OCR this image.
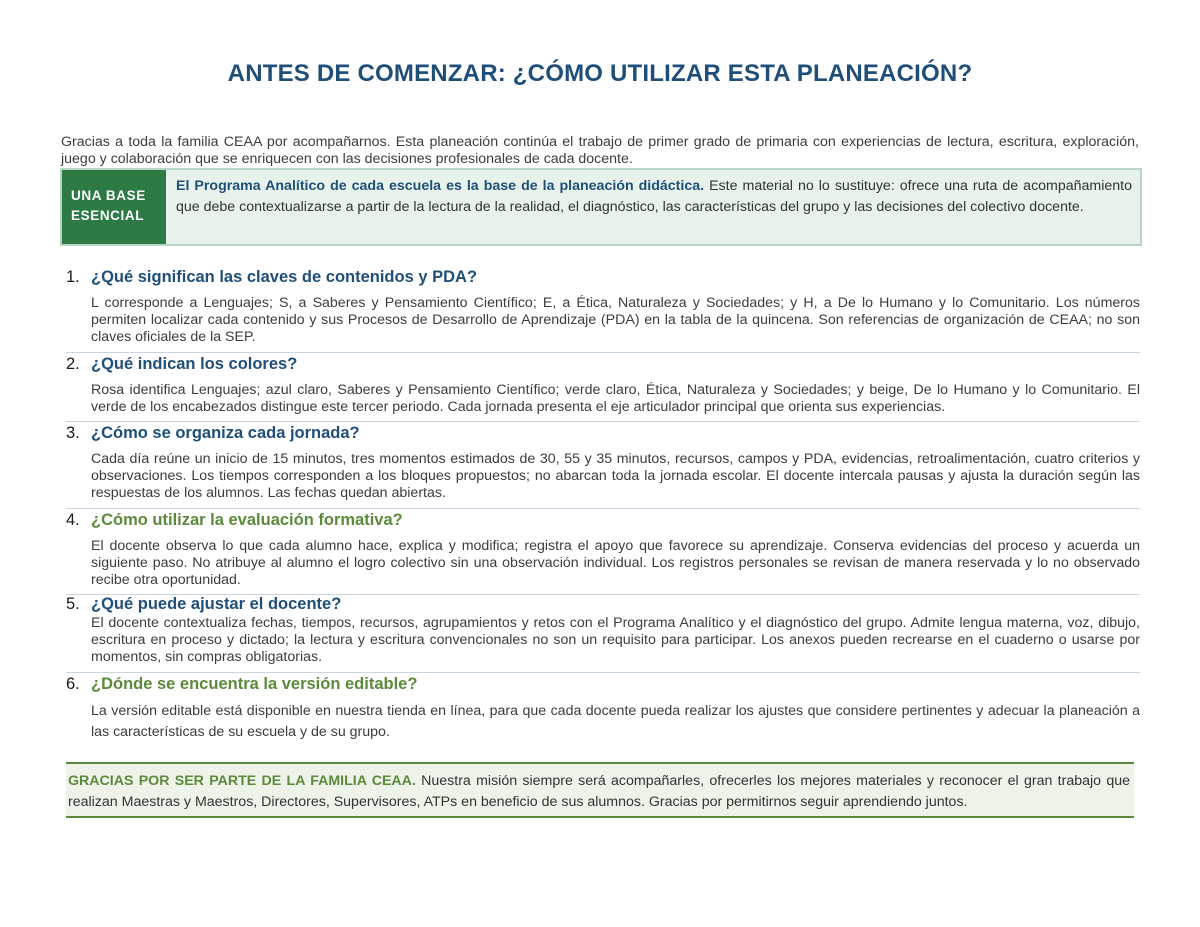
ANTES DE COMENZAR: ¿CÓMO UTILIZAR ESTA PLANEACIÓN?
Gracias a toda la familia CEAA por acompañarnos. Esta planeación continúa el trabajo de primer grado de primaria con experiencias de lectura, escritura, exploración, juego y colaboración que se enriquecen con las decisiones profesionales de cada docente.
UNA BASE ESENCIAL
El Programa Analítico de cada escuela es la base de la planeación didáctica. Este material no lo sustituye: ofrece una ruta de acompañamiento que debe contextualizarse a partir de la lectura de la realidad, el diagnóstico, las características del grupo y las decisiones del colectivo docente.
1. ¿Qué significan las claves de contenidos y PDA?
L corresponde a Lenguajes; S, a Saberes y Pensamiento Científico; E, a Ética, Naturaleza y Sociedades; y H, a De lo Humano y lo Comunitario. Los números permiten localizar cada contenido y sus Procesos de Desarrollo de Aprendizaje (PDA) en la tabla de la quincena. Son referencias de organización de CEAA; no son claves oficiales de la SEP.
2. ¿Qué indican los colores?
Rosa identifica Lenguajes; azul claro, Saberes y Pensamiento Científico; verde claro, Ética, Naturaleza y Sociedades; y beige, De lo Humano y lo Comunitario. El verde de los encabezados distingue este tercer periodo. Cada jornada presenta el eje articulador principal que orienta sus experiencias.
3. ¿Cómo se organiza cada jornada?
Cada día reúne un inicio de 15 minutos, tres momentos estimados de 30, 55 y 35 minutos, recursos, campos y PDA, evidencias, retroalimentación, cuatro criterios y observaciones. Los tiempos corresponden a los bloques propuestos; no abarcan toda la jornada escolar. El docente intercala pausas y ajusta la duración según las respuestas de los alumnos. Las fechas quedan abiertas.
4. ¿Cómo utilizar la evaluación formativa?
El docente observa lo que cada alumno hace, explica y modifica; registra el apoyo que favorece su aprendizaje. Conserva evidencias del proceso y acuerda un siguiente paso. No atribuye al alumno el logro colectivo sin una observación individual. Los registros personales se revisan de manera reservada y lo no observado recibe otra oportunidad.
5. ¿Qué puede ajustar el docente?
El docente contextualiza fechas, tiempos, recursos, agrupamientos y retos con el Programa Analítico y el diagnóstico del grupo. Admite lengua materna, voz, dibujo, escritura en proceso y dictado; la lectura y escritura convencionales no son un requisito para participar. Los anexos pueden recrearse en el cuaderno o usarse por momentos, sin compras obligatorias.
6. ¿Dónde se encuentra la versión editable?
La versión editable está disponible en nuestra tienda en línea, para que cada docente pueda realizar los ajustes que considere pertinentes y adecuar la planeación a las características de su escuela y de su grupo.
GRACIAS POR SER PARTE DE LA FAMILIA CEAA. Nuestra misión siempre será acompañarles, ofrecerles los mejores materiales y reconocer el gran trabajo que realizan Maestras y Maestros, Directores, Supervisores, ATPs en beneficio de sus alumnos. Gracias por permitirnos seguir aprendiendo juntos.
